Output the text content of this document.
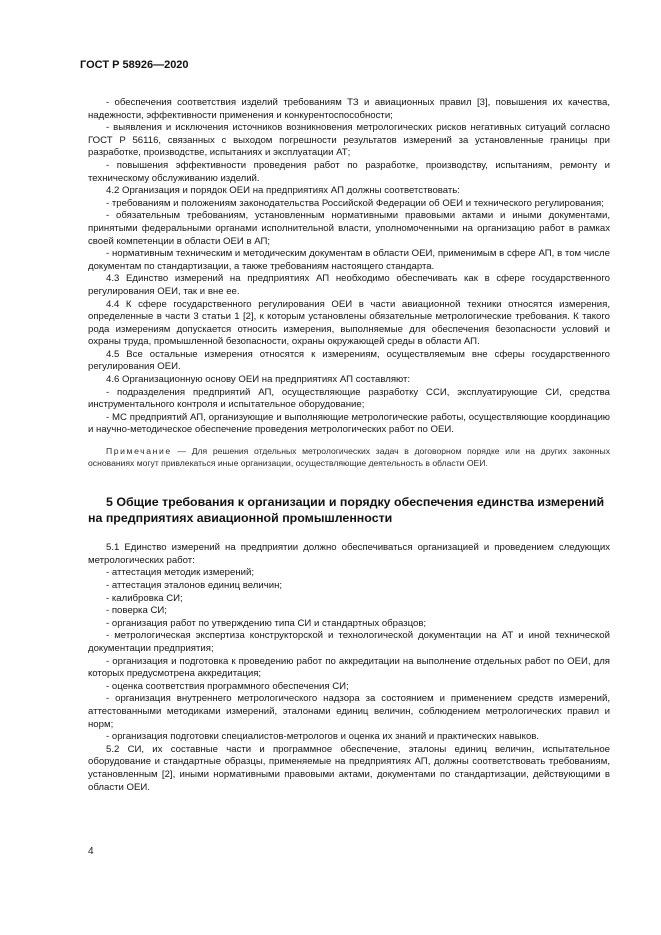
ГОСТ Р 58926—2020

- обеспечения соответствия изделий требованиям ТЗ и авиационных правил [3], повышения их качества, надежности, эффективности применения и конкурентоспособности;

- выявления и исключения источников возникновения метрологических рисков негативных ситуаций согласно ГОСТ Р 56116, связанных с выходом погрешности результатов измерений за установленные границы при разработке, производстве, испытаниях и эксплуатации АТ;

- повышения эффективности проведения работ по разработке, производству, испытаниям, ремонту и техническому обслуживанию изделий.

4.2 Организация и порядок ОЕИ на предприятиях АП должны соответствовать:

- требованиям и положениям законодательства Российской Федерации об ОЕИ и технического регулирования;

- обязательным требованиям, установленным нормативными правовыми актами и иными документами, принятыми федеральными органами исполнительной власти, уполномоченными на организацию работ в рамках своей компетенции в области ОЕИ в АП;

- нормативным техническим и методическим документам в области ОЕИ, применимым в сфере АП, в том числе документам по стандартизации, а также требованиям настоящего стандарта.

4.3 Единство измерений на предприятиях АП необходимо обеспечивать как в сфере государственного регулирования ОЕИ, так и вне ее.

4.4 К сфере государственного регулирования ОЕИ в части авиационной техники относятся измерения, определенные в части 3 статьи 1 [2], к которым установлены обязательные метрологические требования. К такого рода измерениям допускается относить измерения, выполняемые для обеспечения безопасности условий и охраны труда, промышленной безопасности, охраны окружающей среды в области АП.

4.5 Все остальные измерения относятся к измерениям, осуществляемым вне сферы государственного регулирования ОЕИ.

4.6 Организационную основу ОЕИ на предприятиях АП составляют:

- подразделения предприятий АП, осуществляющие разработку ССИ, эксплуатирующие СИ, средства инструментального контроля и испытательное оборудование;

- МС предприятий АП, организующие и выполняющие метрологические работы, осуществляющие координацию и научно-методическое обеспечение проведения метрологических работ по ОЕИ.

Примечание — Для решения отдельных метрологических задач в договорном порядке или на других законных основаниях могут привлекаться иные организации, осуществляющие деятельность в области ОЕИ.

5 Общие требования к организации и порядку обеспечения единства измерений на предприятиях авиационной промышленности

5.1 Единство измерений на предприятии должно обеспечиваться организацией и проведением следующих метрологических работ:

- аттестация методик измерений;

- аттестация эталонов единиц величин;

- калибровка СИ;

- поверка СИ;

- организация работ по утверждению типа СИ и стандартных образцов;

- метрологическая экспертиза конструкторской и технологической документации на АТ и иной технической документации предприятия;

- организация и подготовка к проведению работ по аккредитации на выполнение отдельных работ по ОЕИ, для которых предусмотрена аккредитация;

- оценка соответствия программного обеспечения СИ;

- организация внутреннего метрологического надзора за состоянием и применением средств измерений, аттестованными методиками измерений, эталонами единиц величин, соблюдением метрологических правил и норм;

- организация подготовки специалистов-метрологов и оценка их знаний и практических навыков.

5.2 СИ, их составные части и программное обеспечение, эталоны единиц величин, испытательное оборудование и стандартные образцы, применяемые на предприятиях АП, должны соответствовать требованиям, установленным [2], иными нормативными правовыми актами, документами по стандартизации, действующими в области ОЕИ.

4
